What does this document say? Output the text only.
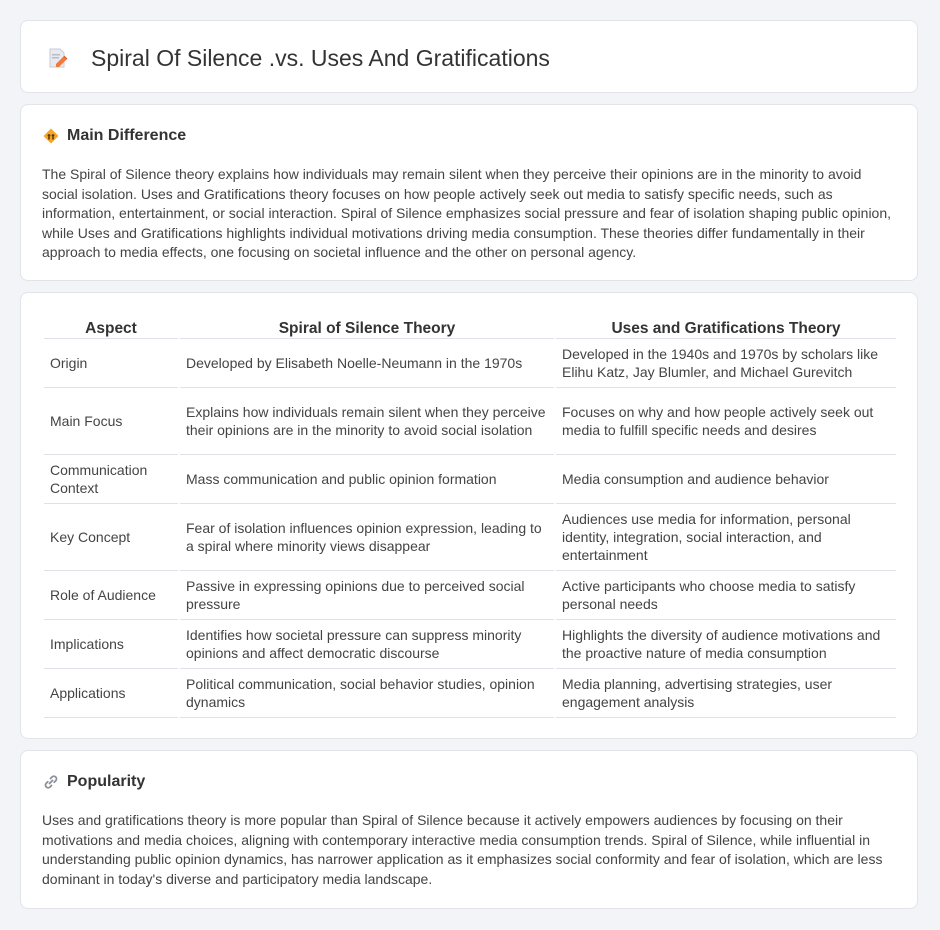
Spiral Of Silence .vs. Uses And Gratifications
Main Difference

The Spiral of Silence theory explains how individuals may remain silent when they perceive their opinions are in the minority to avoid social isolation. Uses and Gratifications theory focuses on how people actively seek out media to satisfy specific needs, such as information, entertainment, or social interaction. Spiral of Silence emphasizes social pressure and fear of isolation shaping public opinion, while Uses and Gratifications highlights individual motivations driving media consumption. These theories differ fundamentally in their approach to media effects, one focusing on societal influence and the other on personal agency.

Aspect	Spiral of Silence Theory	Uses and Gratifications Theory
Origin	Developed by Elisabeth Noelle-Neumann in the 1970s	Developed in the 1940s and 1970s by scholars like Elihu Katz, Jay Blumler, and Michael Gurevitch
Main Focus	Explains how individuals remain silent when they perceive their opinions are in the minority to avoid social isolation	Focuses on why and how people actively seek out media to fulfill specific needs and desires
Communication Context	Mass communication and public opinion formation	Media consumption and audience behavior
Key Concept	Fear of isolation influences opinion expression, leading to a spiral where minority views disappear	Audiences use media for information, personal identity, integration, social interaction, and entertainment
Role of Audience	Passive in expressing opinions due to perceived social pressure	Active participants who choose media to satisfy personal needs
Implications	Identifies how societal pressure can suppress minority opinions and affect democratic discourse	Highlights the diversity of audience motivations and the proactive nature of media consumption
Applications	Political communication, social behavior studies, opinion dynamics	Media planning, advertising strategies, user engagement analysis
Popularity

Uses and gratifications theory is more popular than Spiral of Silence because it actively empowers audiences by focusing on their motivations and media choices, aligning with contemporary interactive media consumption trends. Spiral of Silence, while influential in understanding public opinion dynamics, has narrower application as it emphasizes social conformity and fear of isolation, which are less dominant in today's diverse and participatory media landscape.
